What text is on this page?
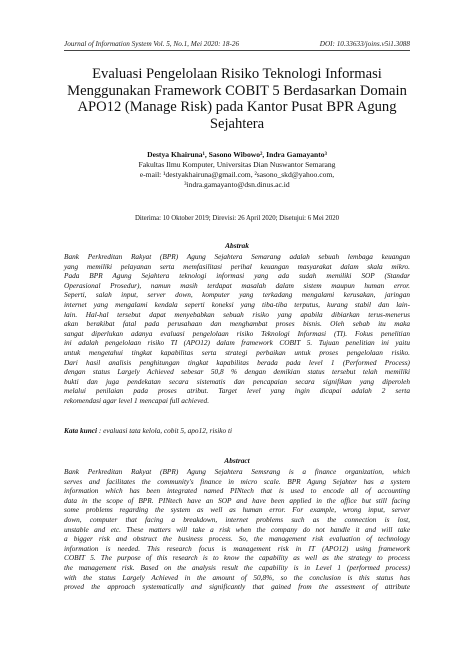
Journal of Information System Vol. 5, No.1, Mei 2020: 18-26	DOI: 10.33633/joins.v5i1.3088
Evaluasi Pengelolaan Risiko Teknologi Informasi
Menggunakan Framework COBIT 5 Berdasarkan Domain
APO12 (Manage Risk) pada Kantor Pusat BPR Agung
Sejahtera
Destya Khairuna¹, Sasono Wibowo², Indra Gamayanto³
Fakultas Ilmu Komputer, Universitas Dian Nuswantor Semarang
e-mail: ¹destyakhairuna@gmail.com, ²sasono_skd@yahoo.com,
³indra.gamayanto@dsn.dinus.ac.id
Diterima: 10 Oktober 2019; Direvisi: 26 April 2020; Disetujui: 6 Mei 2020
Abstrak
Bank Perkreditan Rakyat (BPR) Agung Sejahtera Semarang adalah sebuah lembaga keuangan
yang memiliki pelayanan serta memfasilitasi perihal keuangan masyarakat dalam skala mikro.
Pada BPR Agung Sejahtera teknologi informasi yang ada sudah memiliki SOP (Standar
Operasional Prosedur), namun masih terdapat masalah dalam sistem maupun human error.
Seperti, salah input, server down, komputer yang terkadang mengalami kerusakan, jaringan
internet yang mengalami kendala seperti koneksi yang tiba-tiba terputus, kurang stabil dan lain-
lain. Hal-hal tersebut dapat menyebabkan sebuah risiko yang apabila dibiarkan terus-menerus
akan berakibat fatal pada perusahaan dan menghambat proses bisnis. Oleh sebab itu maka
sangat diperlukan adanya evaluasi pengelolaan risiko Teknologi Informasi (TI). Fokus penelitian
ini adalah pengelolaan risiko TI (APO12) dalam framework COBIT 5. Tujuan penelitian ini yaitu
untuk mengetahui tingkat kapabilitas serta strategi perbaikan untuk proses pengelolaan risiko.
Dari hasil analisis penghitungan tingkat kapabilitas berada pada level 1 (Performed Process)
dengan status Largely Achieved sebesar 50,8 % dengan demikian status tersebut telah memiliki
bukti dan juga pendekatan secara sistematis dan pencapaian secara signifikan yang diperoleh
melalui penilaian pada proses atribut. Target level yang ingin dicapai adalah 2 serta
rekomendasi agar level 1 mencapai full achieved.
Kata kunci : evaluasi tata kelola, cobit 5, apo12, risiko ti
Abstract
Bank Perkreditan Rakyat (BPR) Agung Sejahtera Semsrang is a finance organization, which
serves and facilitates the community's finance in micro scale. BPR Agung Sejahter has a system
information which has been integrated named PINtech that is used to encode all of accounting
data in the scope of BPR. PINtech have an SOP and have been applied in the office but still facing
some problems regarding the system as well as human error. For example, wrong input, server
down, computer that facing a breakdown, internet problems such as the connection is lost,
unstable and etc. These matters will take a risk when the company do not handle it and will take
a bigger risk and obstruct the business process. So, the management risk evaluation of technology
information is needed. This research focus is management risk in IT (APO12) using framework
COBIT 5. The purpose of this research is to know the capability as well as the strategy to process
the management risk. Based on the analysis result the capability is in Level 1 (performed process)
with the status Largely Achieved in the amount of 50,8%, so the conclusion is this status has
proved the approach systematically and significantly that gained from the assesment of attribute
